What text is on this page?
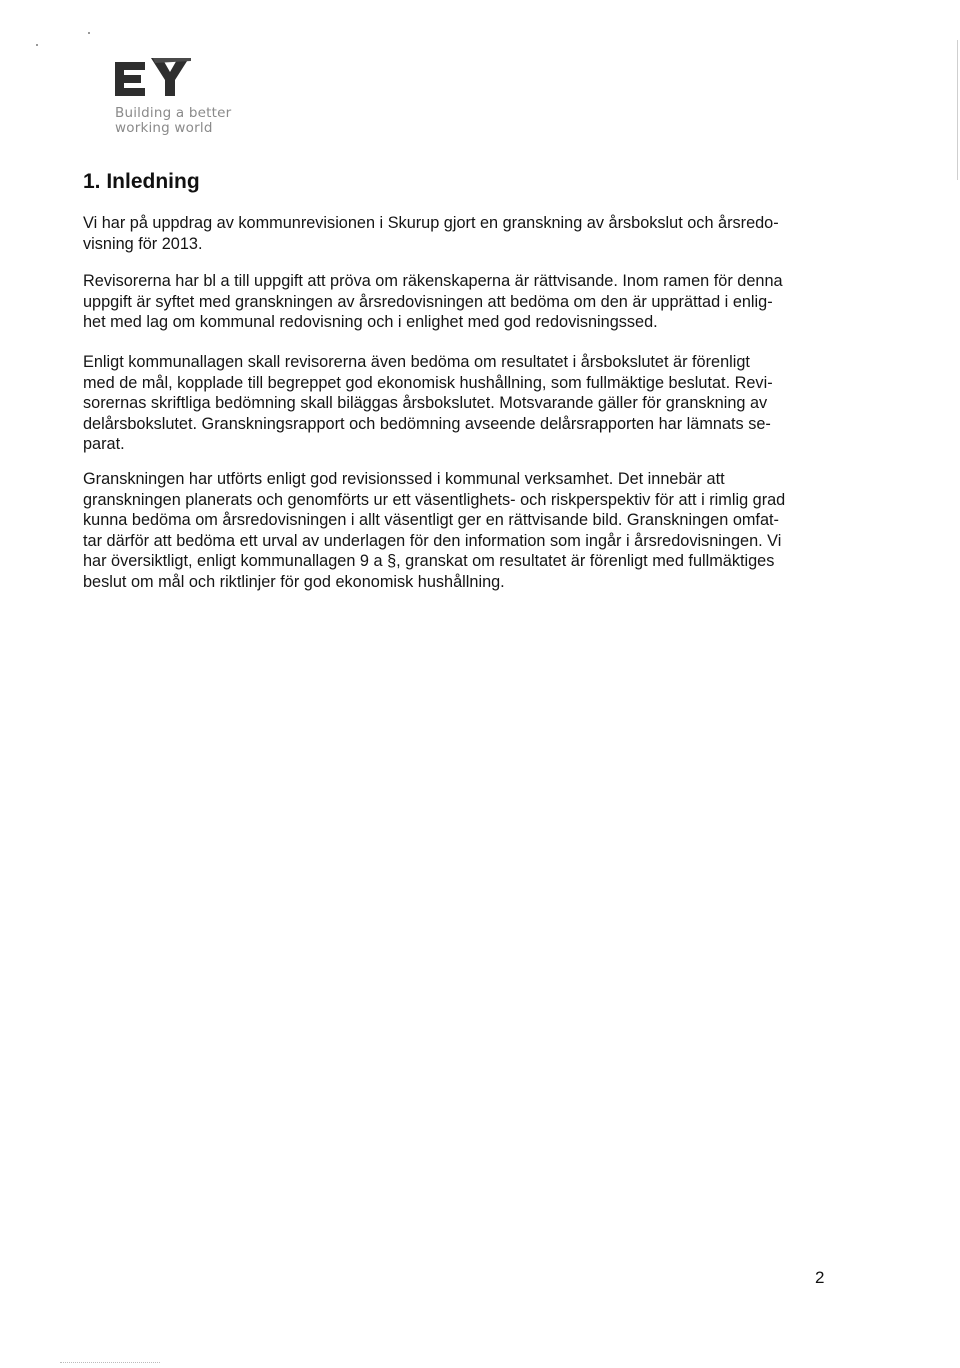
Building a better
working world
1. Inledning
Vi har på uppdrag av kommunrevisionen i Skurup gjort en granskning av årsbokslut och årsredo-
visning för 2013.
Revisorerna har bl a till uppgift att pröva om räkenskaperna är rättvisande. Inom ramen för denna
uppgift är syftet med granskningen av årsredovisningen att bedöma om den är upprättad i enlig-
het med lag om kommunal redovisning och i enlighet med god redovisningssed.
Enligt kommunallagen skall revisorerna även bedöma om resultatet i årsbokslutet är förenligt
med de mål, kopplade till begreppet god ekonomisk hushållning, som fullmäktige beslutat. Revi-
sorernas skriftliga bedömning skall biläggas årsbokslutet. Motsvarande gäller för granskning av
delårsbokslutet. Granskningsrapport och bedömning avseende delårsrapporten har lämnats se-
parat.
Granskningen har utförts enligt god revisionssed i kommunal verksamhet. Det innebär att
granskningen planerats och genomförts ur ett väsentlighets- och riskperspektiv för att i rimlig grad
kunna bedöma om årsredovisningen i allt väsentligt ger en rättvisande bild. Granskningen omfat-
tar därför att bedöma ett urval av underlagen för den information som ingår i årsredovisningen. Vi
har översiktligt, enligt kommunallagen 9 a §, granskat om resultatet är förenligt med fullmäktiges
beslut om mål och riktlinjer för god ekonomisk hushållning.
2
